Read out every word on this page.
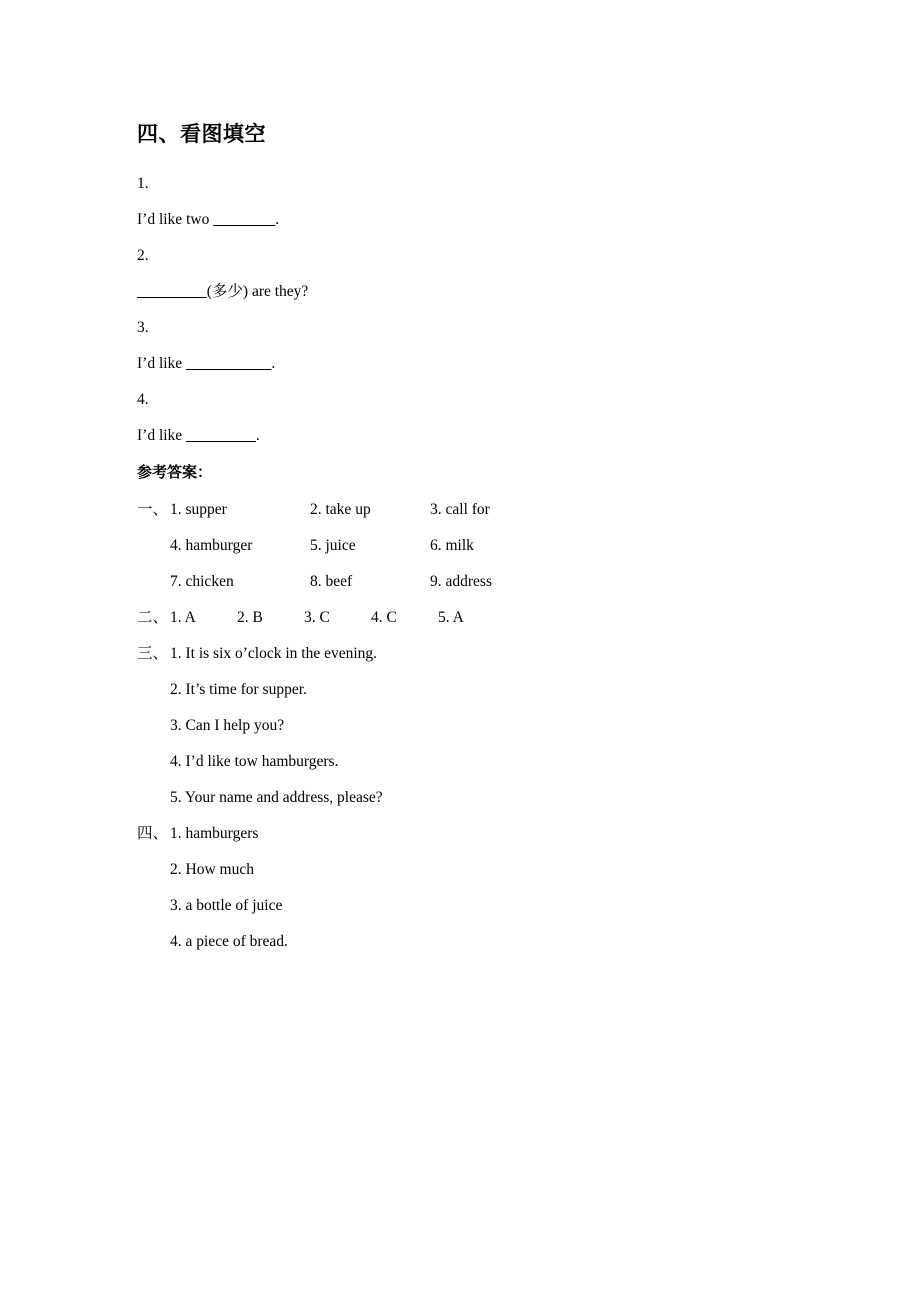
四、看图填空
1.
I’d like two ________.
2.
_________(多少) are they?
3.
I’d like ___________.
4.
I’d like _________.
参考答案：
一、 1. supper	2. take up	3. call for
4. hamburger	5. juice	6. milk
7. chicken	8. beef	9. address
二、 1. A	2. B	3. C	4. C	5. A
三、 1. It is six o’clock in the evening.
2. It’s time for supper.
3. Can I help you?
4. I’d like tow hamburgers.
5. Your name and address, please?
四、 1. hamburgers
2. How much
3. a bottle of juice
4. a piece of bread.
